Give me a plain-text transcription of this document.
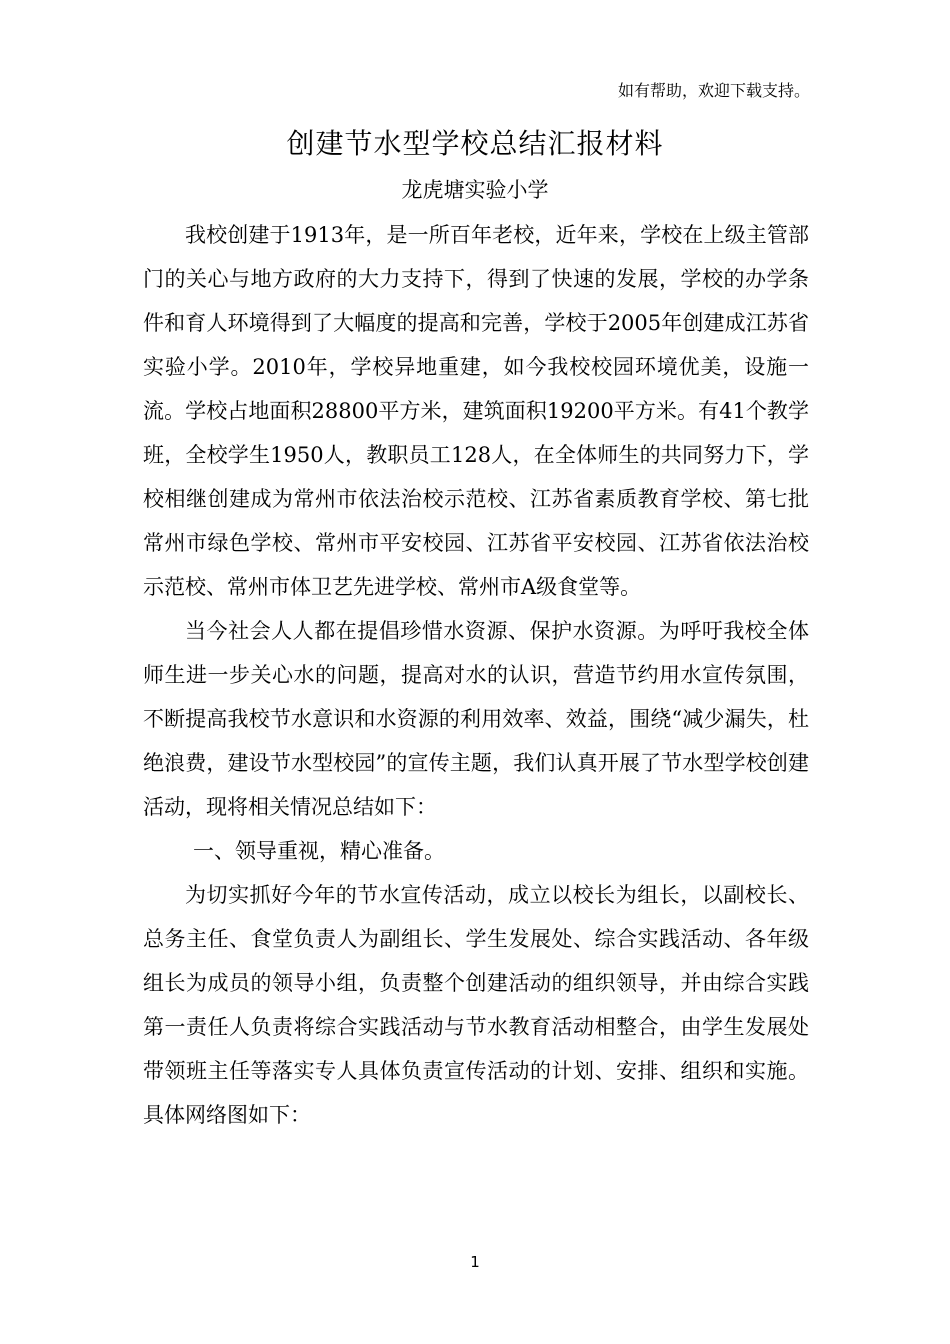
如有帮助，欢迎下载支持。
创建节水型学校总结汇报材料
龙虎塘实验小学

我校创建于1913年，是一所百年老校，近年来，学校在上级主管部门的关心与地方政府的大力支持下，得到了快速的发展，学校的办学条件和育人环境得到了大幅度的提高和完善，学校于2005年创建成江苏省实验小学。2010年，学校异地重建，如今我校校园环境优美，设施一流。学校占地面积28800平方米，建筑面积19200平方米。有41个教学班，全校学生1950人，教职员工128人，在全体师生的共同努力下，学校相继创建成为常州市依法治校示范校、江苏省素质教育学校、第七批常州市绿色学校、常州市平安校园、江苏省平安校园、江苏省依法治校示范校、常州市体卫艺先进学校、常州市A级食堂等。

当今社会人人都在提倡珍惜水资源、保护水资源。为呼吁我校全体师生进一步关心水的问题，提高对水的认识，营造节约用水宣传氛围，不断提高我校节水意识和水资源的利用效率、效益，围绕“减少漏失，杜绝浪费，建设节水型校园”的宣传主题，我们认真开展了节水型学校创建活动，现将相关情况总结如下：

一、领导重视，精心准备。

为切实抓好今年的节水宣传活动，成立以校长为组长，以副校长、总务主任、食堂负责人为副组长、学生发展处、综合实践活动、各年级组长为成员的领导小组，负责整个创建活动的组织领导，并由综合实践第一责任人负责将综合实践活动与节水教育活动相整合，由学生发展处带领班主任等落实专人具体负责宣传活动的计划、安排、组织和实施。具体网络图如下：

1
